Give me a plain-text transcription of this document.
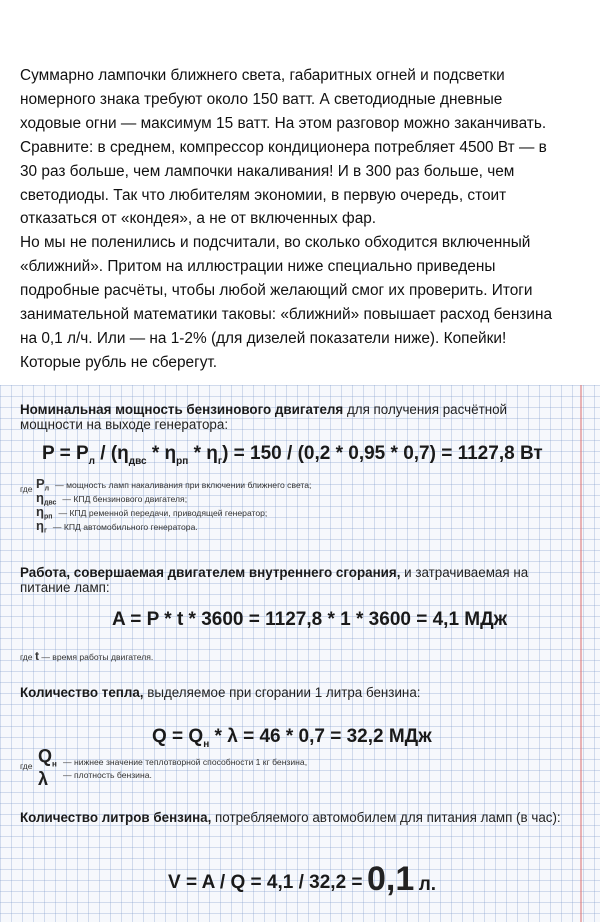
Суммарно лампочки ближнего света, габаритных огней и подсветки

номерного знака требуют около 150 ватт. А светодиодные дневные

ходовые огни — максимум 15 ватт. На этом разговор можно заканчивать.

Сравните: в среднем, компрессор кондиционера потребляет 4500 Вт — в

30 раз больше, чем лампочки накаливания! И в 300 раз больше, чем

светодиоды. Так что любителям экономии, в первую очередь, стоит

отказаться от «кондея», а не от включенных фар.

Но мы не поленились и подсчитали, во сколько обходится включенный

«ближний». Притом на иллюстрации ниже специально приведены

подробные расчёты, чтобы любой желающий смог их проверить. Итоги

занимательной математики таковы: «ближний» повышает расход бензина

на 0,1 л/ч. Или — на 1-2% (для дизелей показатели ниже). Копейки!

Которые рубль не сберегут.

Номинальная мощность бензинового двигателя для получения расчётной мощности на выходе генератора:
$P = P_л / (\eta_{двс} * \eta_{рп} * \eta_г) = 150 / (0,2 * 0,95 * 0,7) = 1127,8$ Вт
где $P_л$ — мощность ламп накаливания при включении ближнего света;
$\eta_{двс}$ — КПД бензинового двигателя;
$\eta_{рп}$ — КПД ременной передачи, приводящей генератор;
$\eta_г$ — КПД автомобильного генератора.
Работа, совершаемая двигателем внутреннего сгорания, и затрачиваемая на питание ламп:
A = P * t * 3600 = 1127,8 * 1 * 3600 = 4,1 МДж
где t — время работы двигателя.
Количество тепла, выделяемое при сгорании 1 литра бензина:
$Q = Q_н * \lambda = 46 * 0,7 = 32,2$ МДж
где $Q_н$
λ
— нижнее значение теплотворной способности 1 кг бензина,
— плотность бензина.
Количество литров бензина, потребляемого автомобилем для питания ламп (в час):
V = A / Q = 4,1 / 32,2 = 0,1 л.
